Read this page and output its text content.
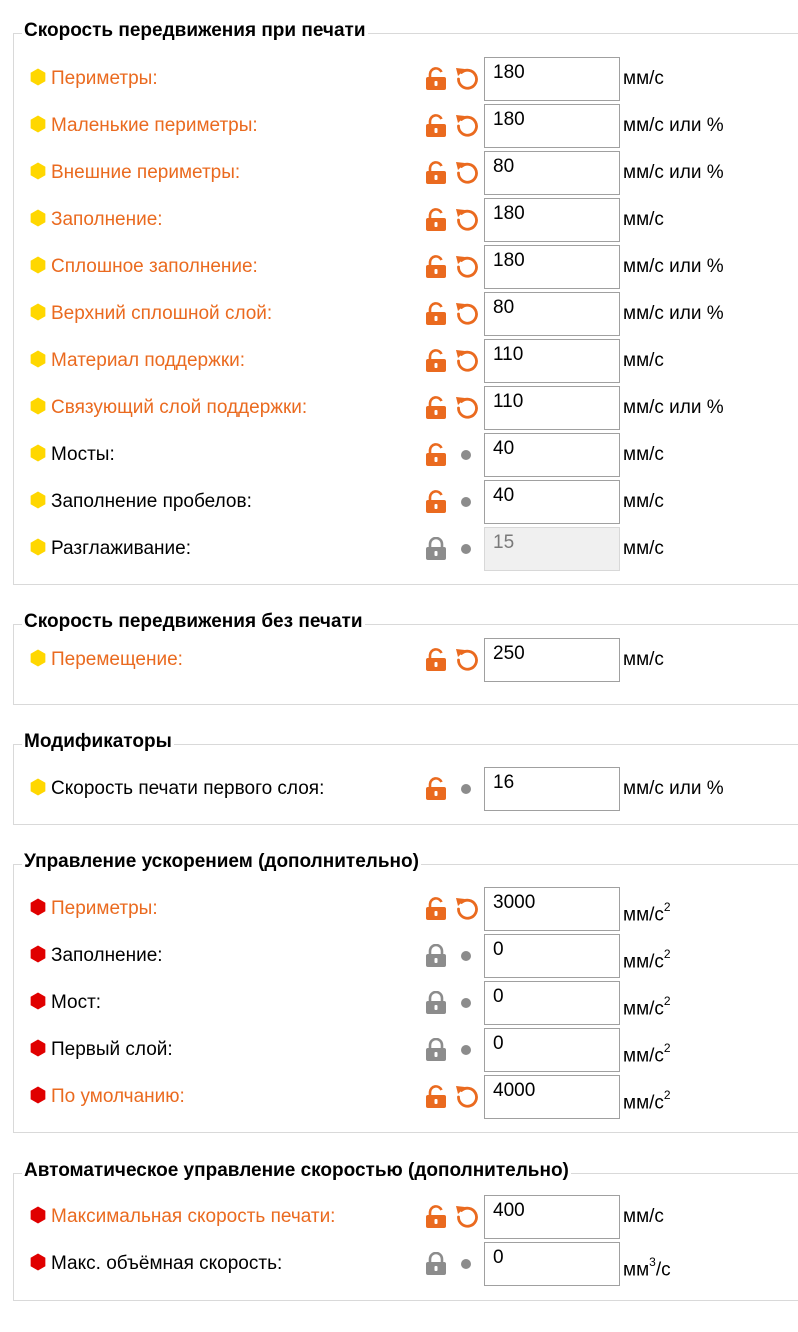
Скорость передвижения при печати
Периметры:
180	мм/с
Маленькие периметры:
180	мм/с или %
Внешние периметры:
80	мм/с или %
Заполнение:
180	мм/с
Сплошное заполнение:
180	мм/с или %
Верхний сплошной слой:
80	мм/с или %
Материал поддержки:
110	мм/с
Связующий слой поддержки:
110	мм/с или %
Мосты:
40	мм/с
Заполнение пробелов:
40	мм/с
Разглаживание:
15	мм/с
Скорость передвижения без печати
Перемещение:
250	мм/с
Модификаторы
Скорость печати первого слоя:
16	мм/с или %
Управление ускорением (дополнительно)
Периметры:
3000	$мм/с^2$
Заполнение:
0	$мм/с^2$
Мост:
0	$мм/с^2$
Первый слой:
0	$мм/с^2$
По умолчанию:
4000	$мм/с^2$
Автоматическое управление скоростью (дополнительно)
Максимальная скорость печати:
400	мм/с
Макс. объёмная скорость:
0	$мм^3/с$
